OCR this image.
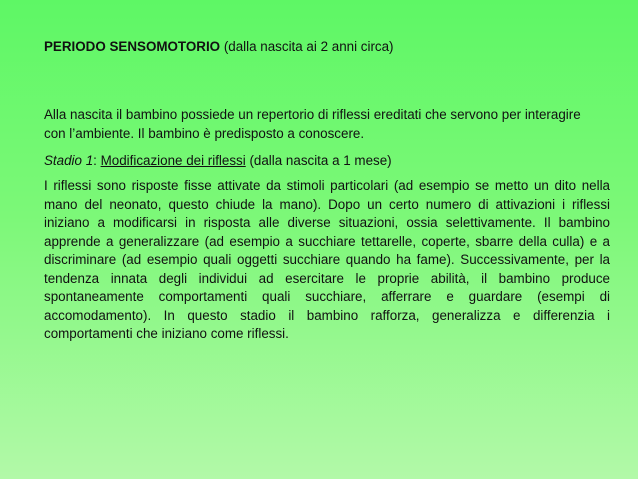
PERIODO SENSOMOTORIO (dalla nascita ai 2 anni circa)
Alla nascita il bambino possiede un repertorio di riflessi ereditati che servono per interagire con l’ambiente. Il bambino è predisposto a conoscere.
Stadio 1: Modificazione dei riflessi (dalla nascita a 1 mese)
I riflessi sono risposte fisse attivate da stimoli particolari (ad esempio se metto un dito nella mano del neonato, questo chiude la mano). Dopo un certo numero di attivazioni i riflessi iniziano a modificarsi in risposta alle diverse situazioni, ossia selettivamente. Il bambino apprende a generalizzare (ad esempio a succhiare tettarelle, coperte, sbarre della culla) e a discriminare (ad esempio quali oggetti succhiare quando ha fame). Successivamente, per la tendenza innata degli individui ad esercitare le proprie abilità, il bambino produce spontaneamente comportamenti quali succhiare, afferrare e guardare (esempi di accomodamento). In questo stadio il bambino rafforza, generalizza e differenzia i comportamenti che iniziano come riflessi.
